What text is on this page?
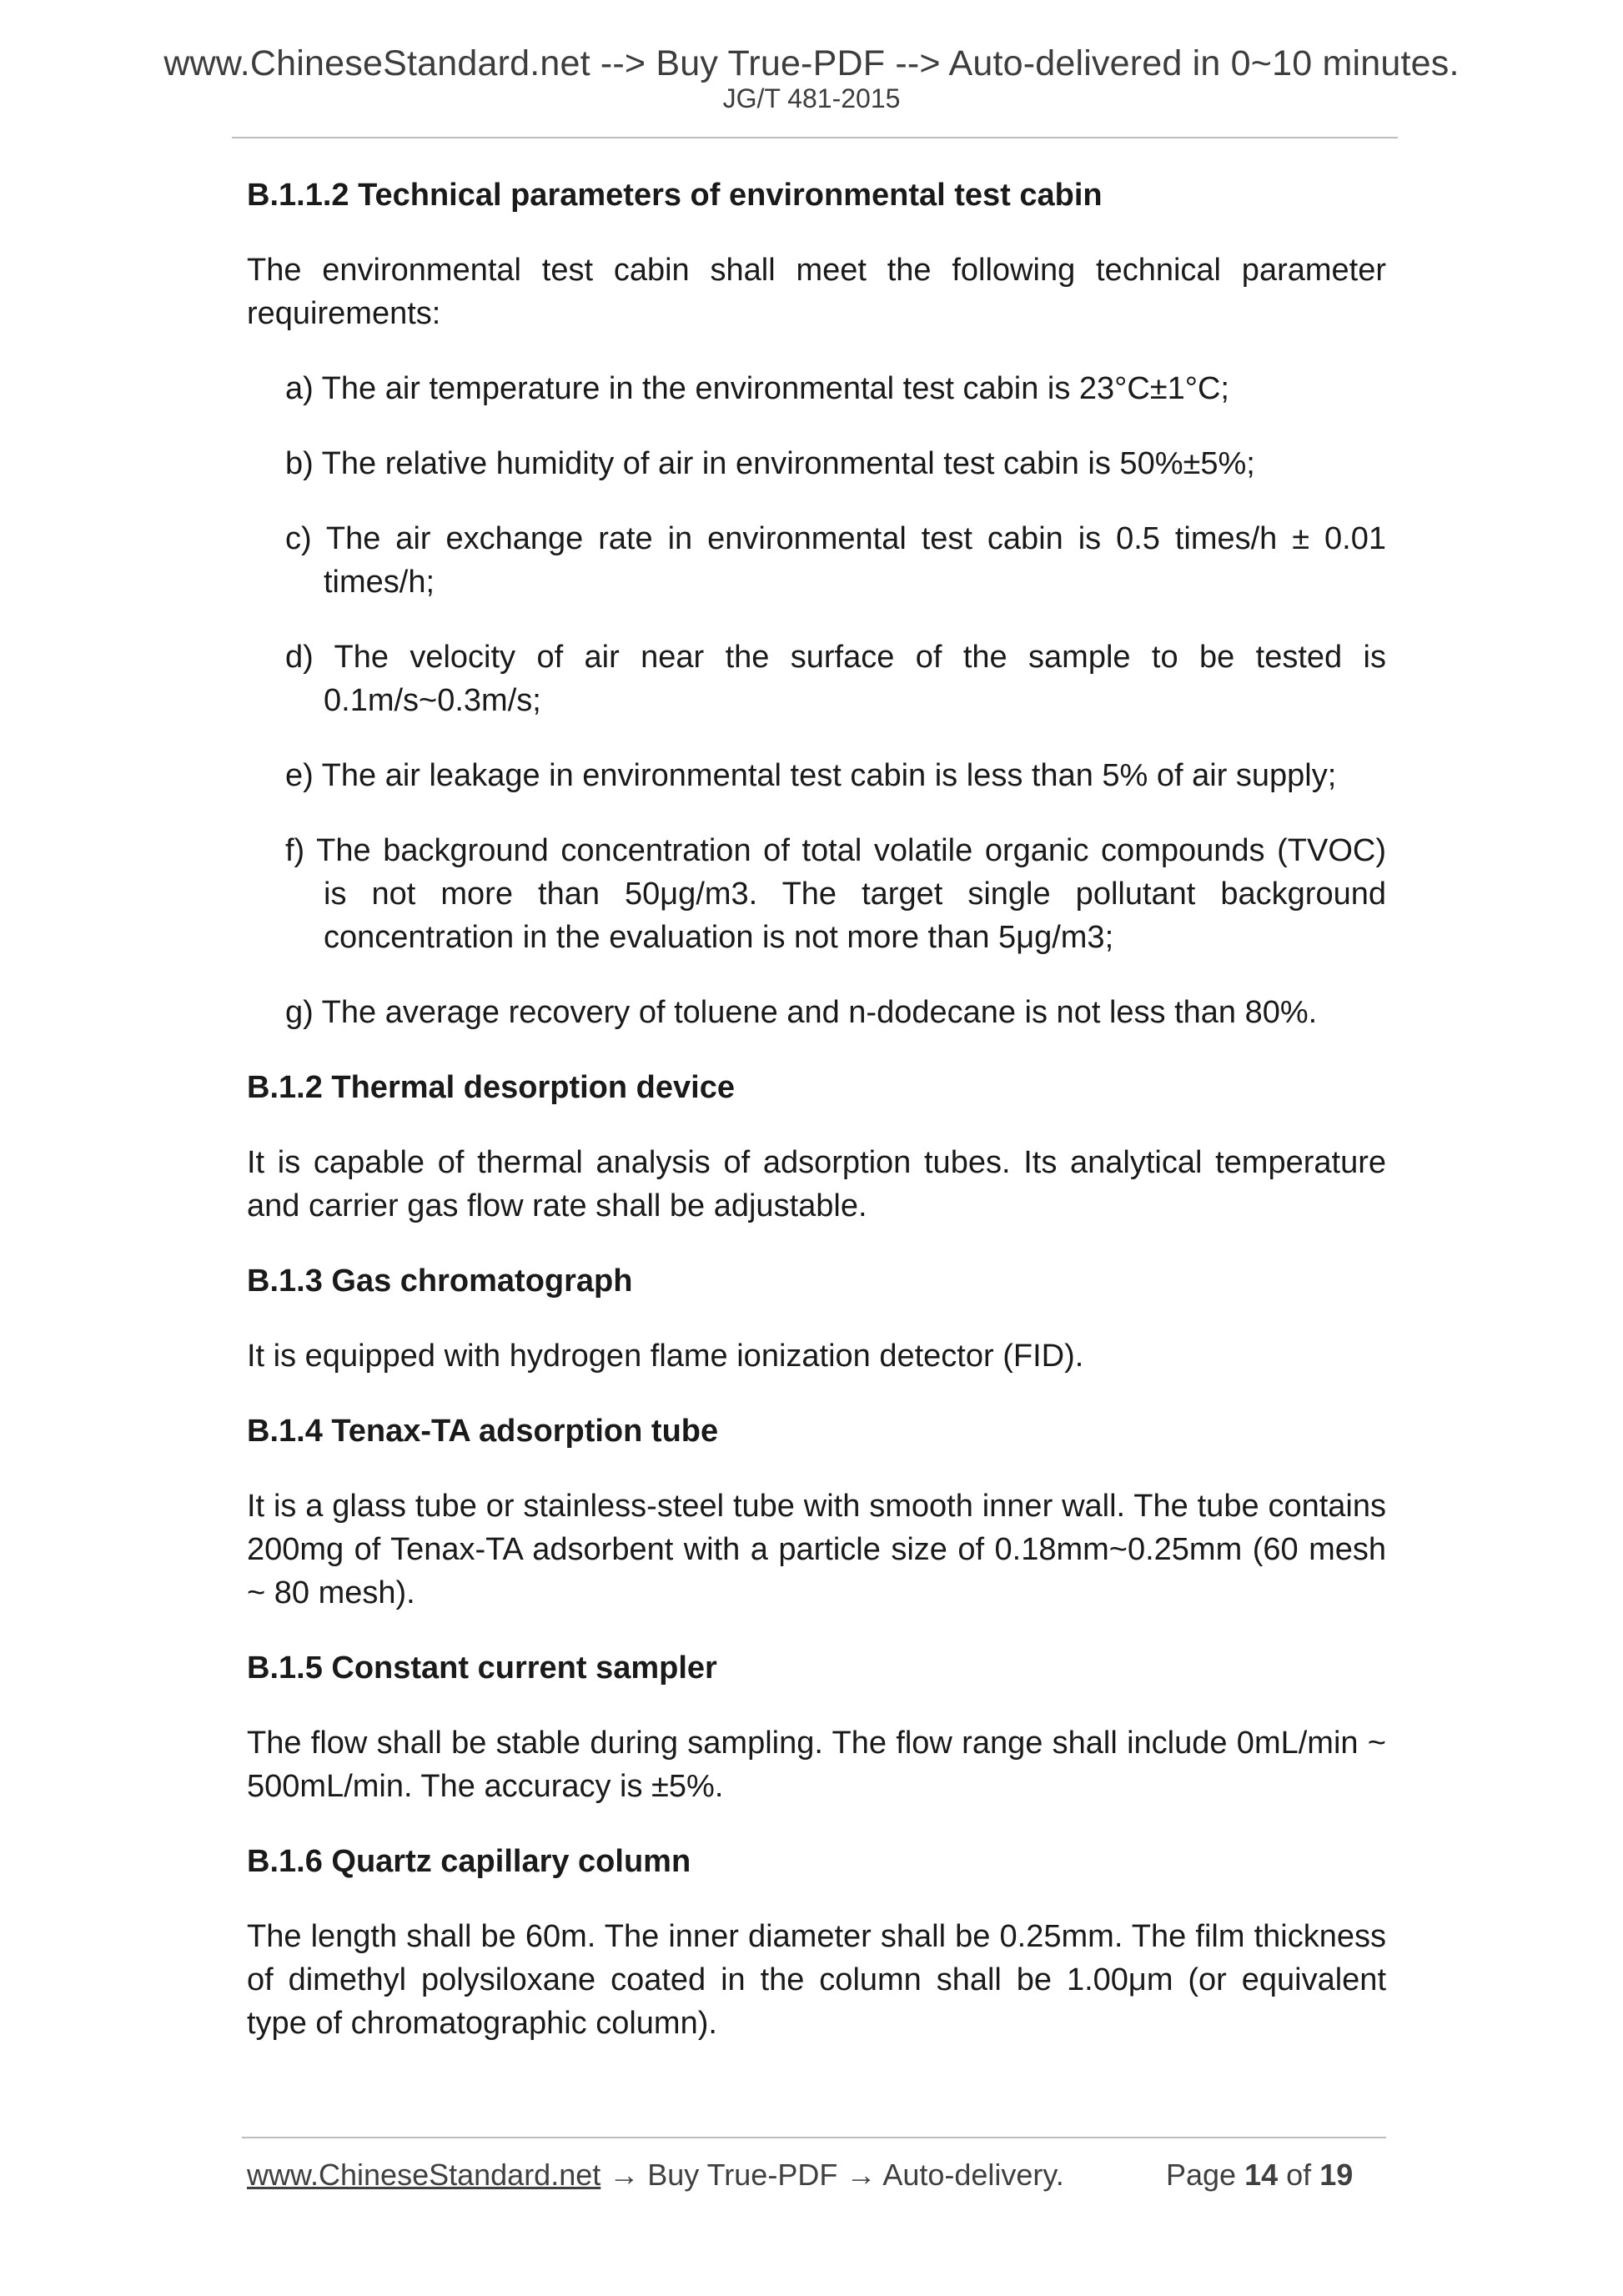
www.ChineseStandard.net --> Buy True-PDF --> Auto-delivered in 0~10 minutes.
JG/T 481-2015
B.1.1.2 Technical parameters of environmental test cabin
The environmental test cabin shall meet the following technical parameter requirements:
a) The air temperature in the environmental test cabin is 23°C±1°C;
b) The relative humidity of air in environmental test cabin is 50%±5%;
c) The air exchange rate in environmental test cabin is 0.5 times/h ± 0.01 times/h;
d) The velocity of air near the surface of the sample to be tested is 0.1m/s~0.3m/s;
e) The air leakage in environmental test cabin is less than 5% of air supply;
f) The background concentration of total volatile organic compounds (TVOC) is not more than 50μg/m3. The target single pollutant background concentration in the evaluation is not more than 5μg/m3;
g) The average recovery of toluene and n-dodecane is not less than 80%.
B.1.2 Thermal desorption device
It is capable of thermal analysis of adsorption tubes. Its analytical temperature and carrier gas flow rate shall be adjustable.
B.1.3 Gas chromatograph
It is equipped with hydrogen flame ionization detector (FID).
B.1.4 Tenax-TA adsorption tube
It is a glass tube or stainless-steel tube with smooth inner wall. The tube contains 200mg of Tenax-TA adsorbent with a particle size of 0.18mm~0.25mm (60 mesh ~ 80 mesh).
B.1.5 Constant current sampler
The flow shall be stable during sampling. The flow range shall include 0mL/min ~ 500mL/min. The accuracy is ±5%.
B.1.6 Quartz capillary column
The length shall be 60m. The inner diameter shall be 0.25mm. The film thickness of dimethyl polysiloxane coated in the column shall be 1.00μm (or equivalent type of chromatographic column).
www.ChineseStandard.net → Buy True-PDF → Auto-delivery.	Page 14 of 19
